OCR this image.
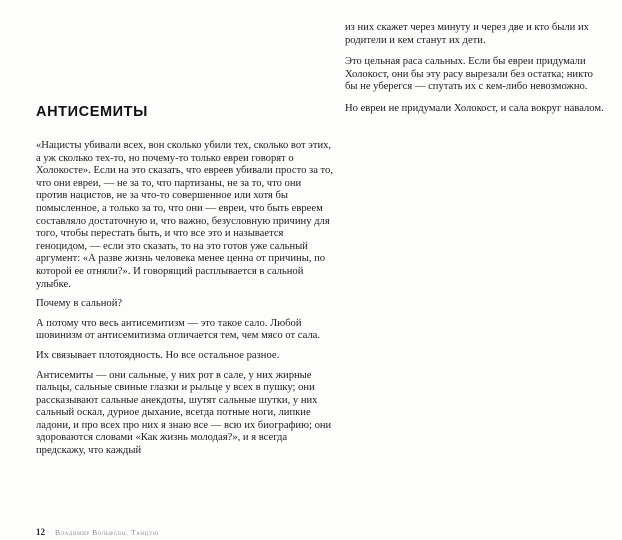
АНТИСЕМИТЫ

«Нацисты убивали всех, вон сколько убили тех, сколько вот этих, а уж сколько тех-то, но почему-то только евреи говорят о Холокосте». Если на это сказать, что евреев убивали просто за то, что они евреи, — не за то, что партизаны, не за то, что они против нацистов, не за что-то совершенное или хотя бы помысленное, а только за то, что они — евреи, что быть евреем составляло достаточную и, что важно, безусловную причину для того, чтобы перестать быть, и что все это и называется геноцидом, — если это сказать, то на это готов уже сальный аргумент: «А разве жизнь человека менее ценна от причины, по которой ее отняли?». И говорящий расплывается в сальной улыбке.

Почему в сальной?

А потому что весь антисемитизм — это такое сало. Любой шовинизм от антисемитизма отличается тем, чем мясо от сала.

Их связывает плотоядность. Но все остальное разное.

Антисемиты — они сальные, у них рот в сале, у них жирные пальцы, сальные свиные глазки и рыльце у всех в пушку; они рассказывают сальные анекдоты, шутят сальные шутки, у них сальный оскал, дурное дыхание, всегда потные ноги, липкие ладони, и про всех про них я знаю все — всю их биографию; они здороваются словами «Как жизнь молодая?», и я всегда предскажу, что каждый

из них скажет через минуту и через две и кто были их родители и кем станут их дети.

Это цельная раса сальных. Если бы евреи придумали Холокост, они бы эту расу вырезали без остатка; никто бы не уберегся — спутать их с кем-либо невозможно.

Но евреи не придумали Холокост, и сала вокруг навалом.

12 Владимир Вольфсон. Танцую
